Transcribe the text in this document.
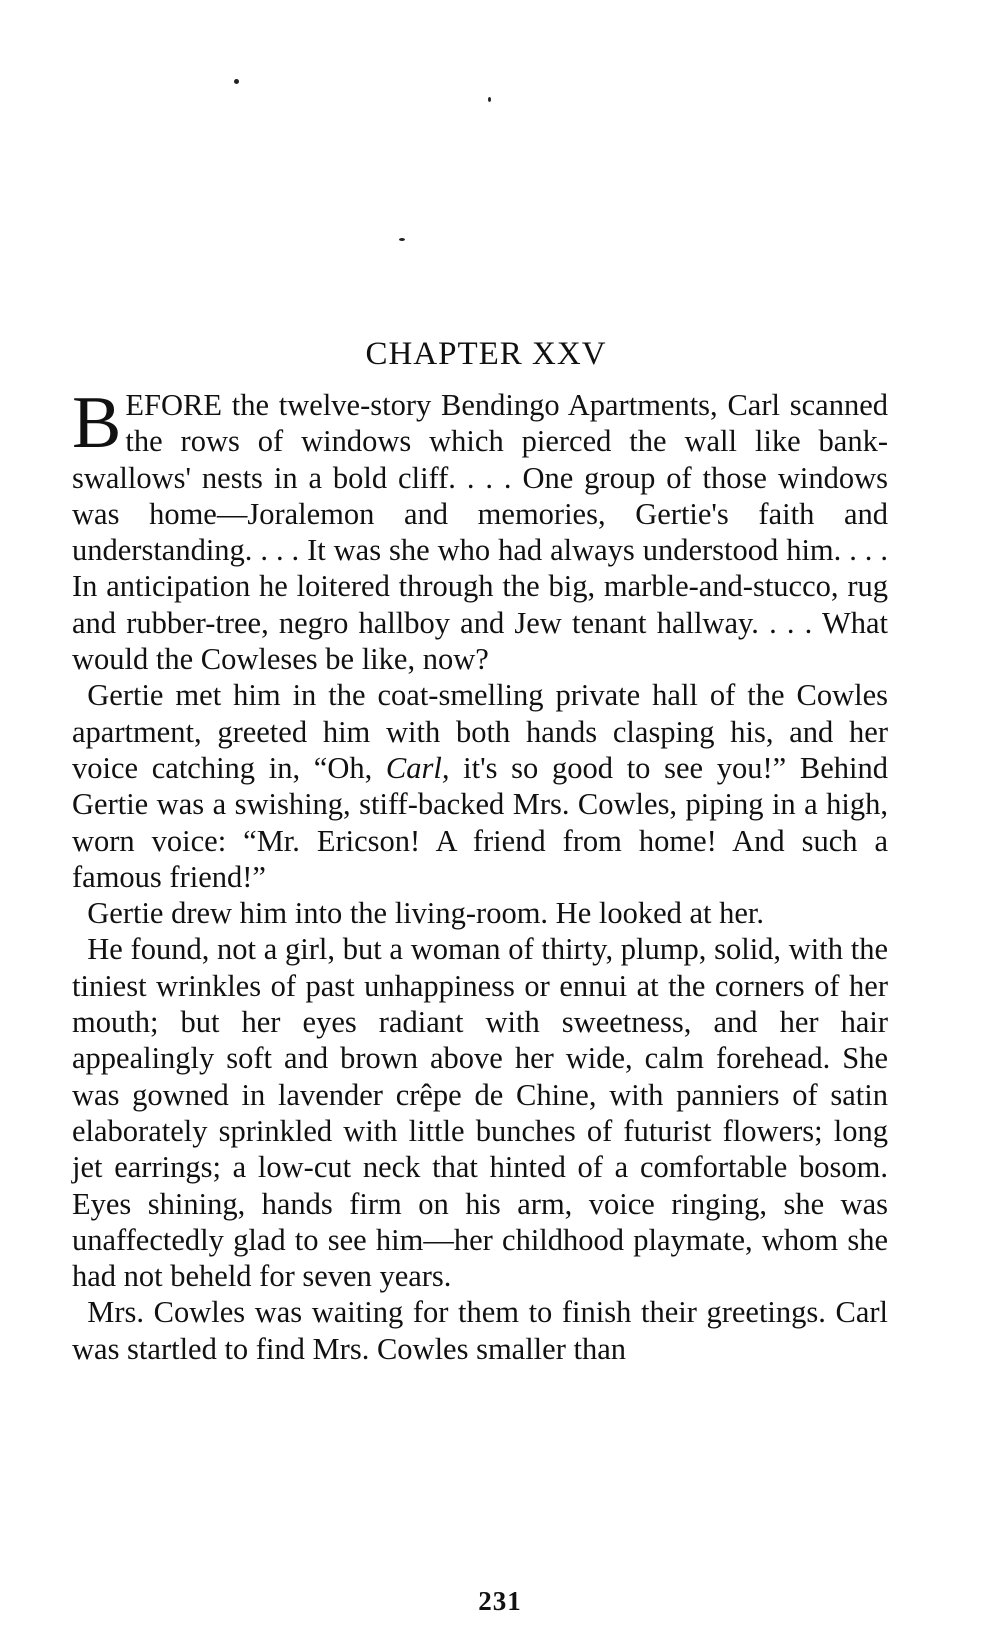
CHAPTER XXV

BEFORE the twelve-story Bendingo Apartments, Carl scanned the rows of windows which pierced the wall like bank-swallows' nests in a bold cliff. . . . One group of those windows was home—Joralemon and memories, Gertie's faith and understanding. . . . It was she who had always understood him. . . . In anticipation he loitered through the big, marble-and-stucco, rug and rubber-tree, negro hallboy and Jew tenant hallway. . . . What would the Cowleses be like, now?

 Gertie met him in the coat-smelling private hall of the Cowles apartment, greeted him with both hands clasping his, and her voice catching in, “Oh, Carl, it's so good to see you!” Behind Gertie was a swishing, stiff-backed Mrs. Cowles, piping in a high, worn voice: “Mr. Ericson! A friend from home! And such a famous friend!”

 Gertie drew him into the living-room. He looked at her.

 He found, not a girl, but a woman of thirty, plump, solid, with the tiniest wrinkles of past unhappiness or ennui at the corners of her mouth; but her eyes radiant with sweetness, and her hair appealingly soft and brown above her wide, calm forehead. She was gowned in lavender crêpe de Chine, with panniers of satin elaborately sprinkled with little bunches of futurist flowers; long jet earrings; a low-cut neck that hinted of a comfortable bosom. Eyes shining, hands firm on his arm, voice ringing, she was unaffectedly glad to see him—her childhood playmate, whom she had not beheld for seven years.

 Mrs. Cowles was waiting for them to finish their greetings. Carl was startled to find Mrs. Cowles smaller than

231
